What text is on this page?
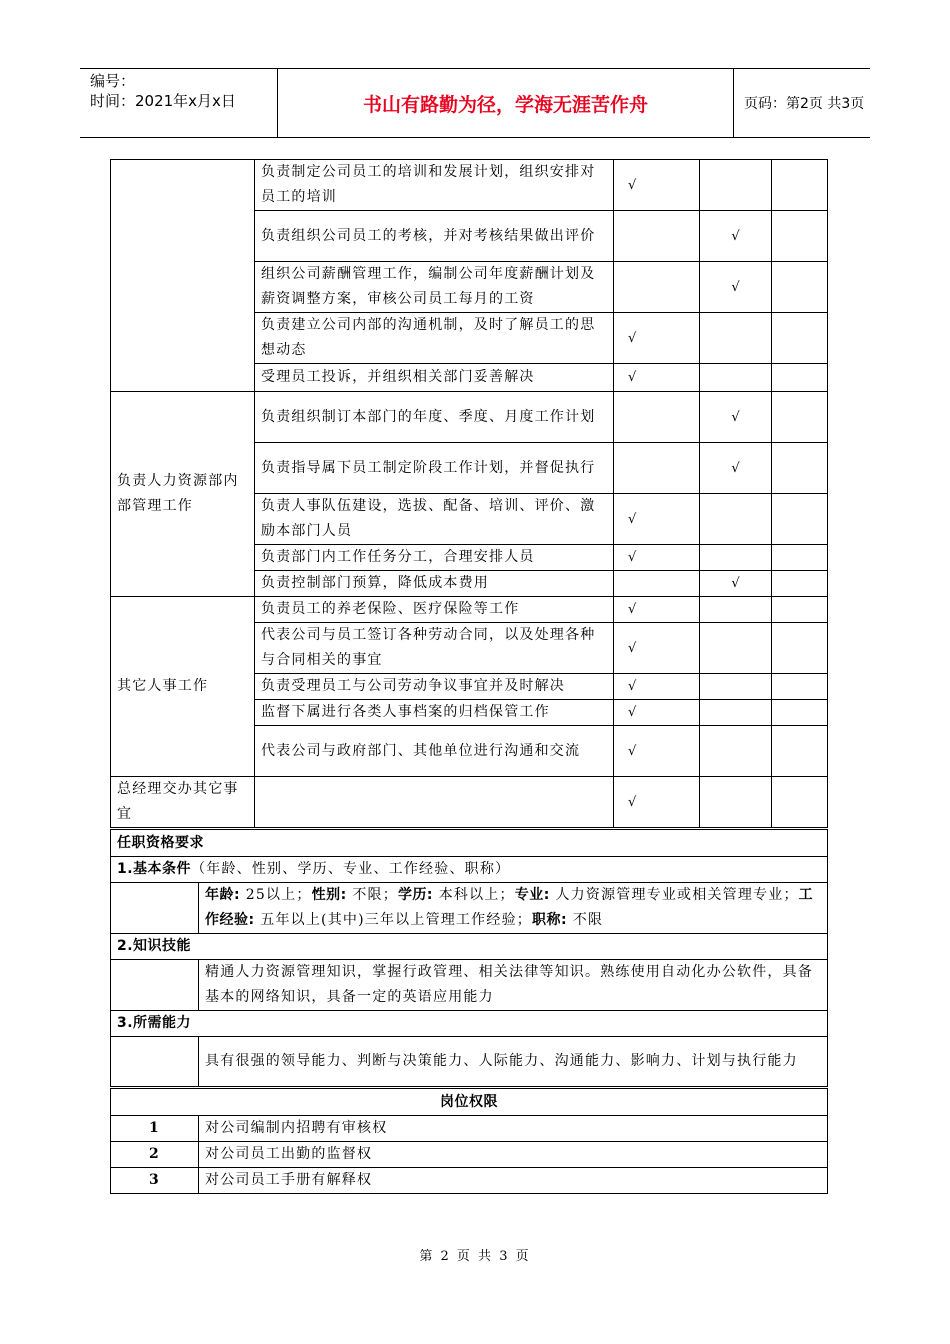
编号：
时间：2021年x月x日	书山有路勤为径，学海无涯苦作舟	页码：第2页 共3页
		负责制定公司员工的培训和发展计划，组织安排对员工的培训	√		
		负责组织公司员工的考核，并对考核结果做出评价		√	
		组织公司薪酬管理工作，编制公司年度薪酬计划及薪资调整方案，审核公司员工每月的工资		√	
		负责建立公司内部的沟通机制，及时了解员工的思想动态	√		
		受理员工投诉，并组织相关部门妥善解决	√		
负责人力资源部内部管理工作		负责组织制订本部门的年度、季度、月度工作计划		√	
		负责指导属下员工制定阶段工作计划，并督促执行		√	
		负责人事队伍建设，选拔、配备、培训、评价、激励本部门人员	√		
		负责部门内工作任务分工，合理安排人员	√		
		负责控制部门预算，降低成本费用		√	
其它人事工作		负责员工的养老保险、医疗保险等工作	√		
		代表公司与员工签订各种劳动合同，以及处理各种与合同相关的事宜	√		
		负责受理员工与公司劳动争议事宜并及时解决	√		
		监督下属进行各类人事档案的归档保管工作	√		
		代表公司与政府部门、其他单位进行沟通和交流	√		
总经理交办其它事宜			√		
任职资格要求					
1.基本条件（年龄、性别、学历、专业、工作经验、职称）					
	年龄: 25以上；性别: 不限；学历: 本科以上；专业: 人力资源管理专业或相关管理专业；工作经验: 五年以上(其中)三年以上管理工作经验；职称: 不限				
2.知识技能					
	精通人力资源管理知识，掌握行政管理、相关法律等知识。熟练使用自动化办公软件，具备基本的网络知识，具备一定的英语应用能力				
3.所需能力					
	具有很强的领导能力、判断与决策能力、人际能力、沟通能力、影响力、计划与执行能力				
岗位权限					
1	对公司编制内招聘有审核权				
2	对公司员工出勤的监督权				
3	对公司员工手册有解释权				
第 2 页 共 3 页
